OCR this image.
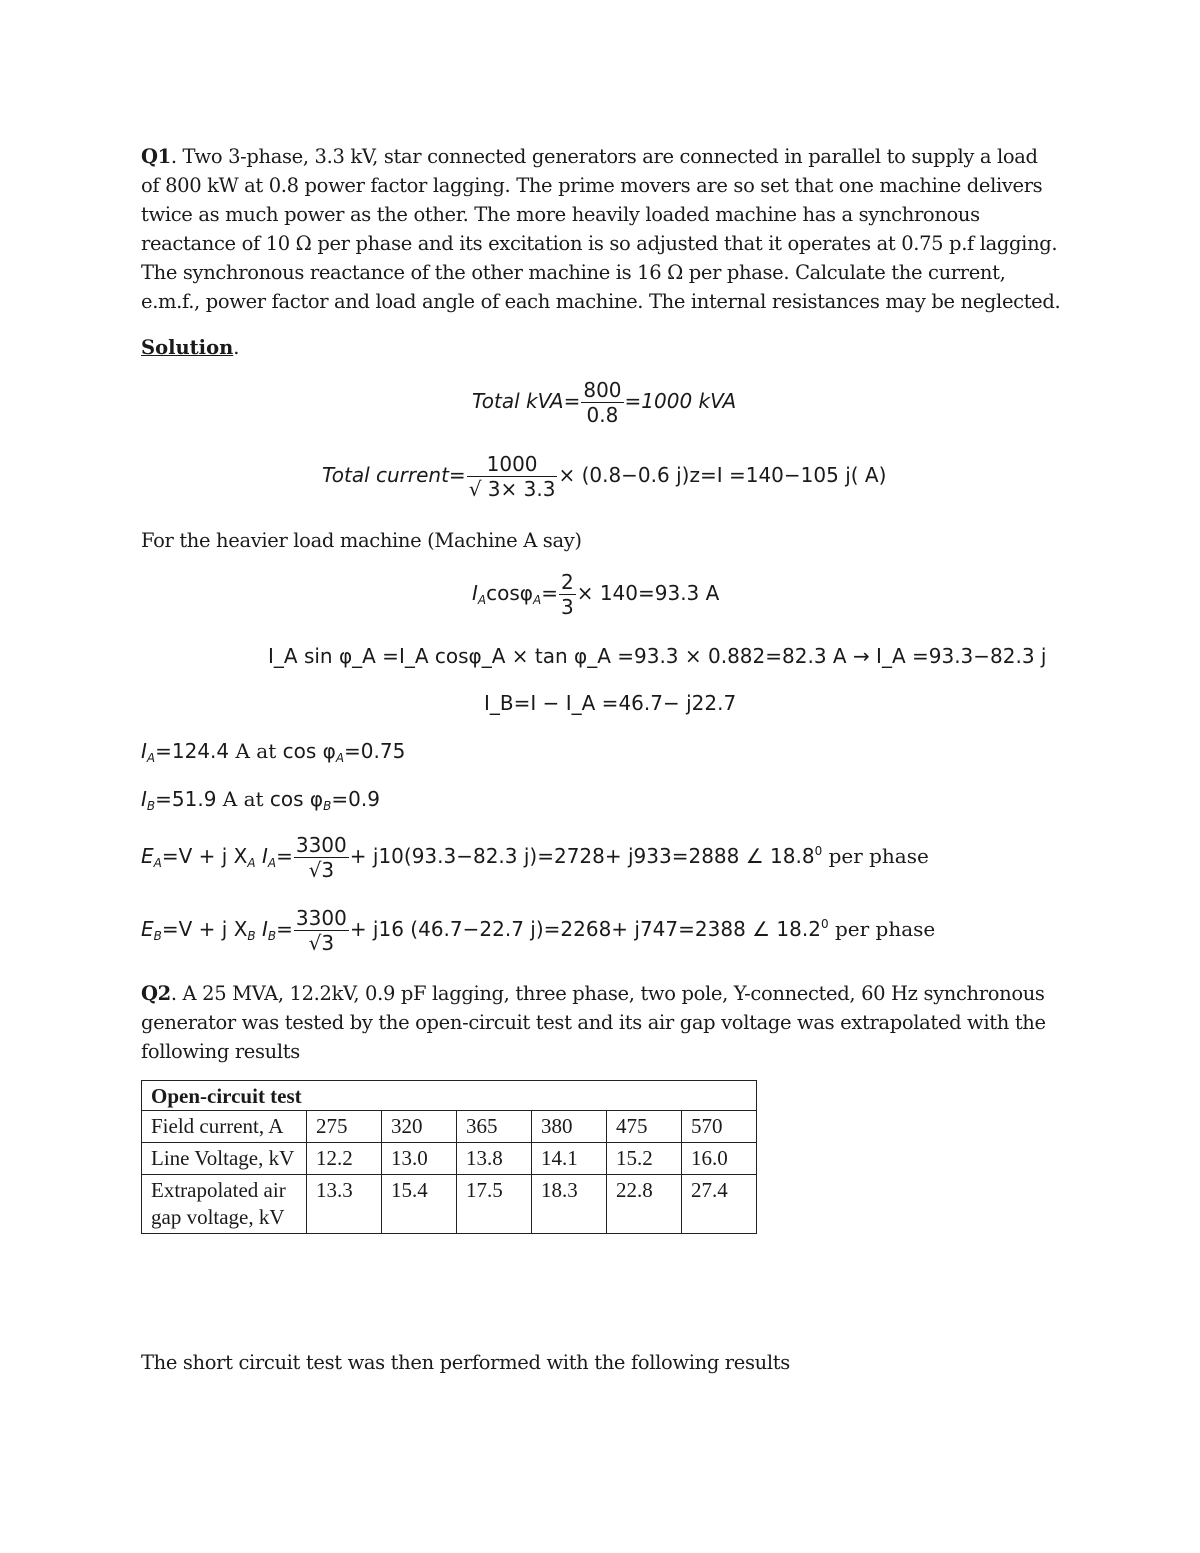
Q1. Two 3-phase, 3.3 kV, star connected generators are connected in parallel to supply a load of 800 kW at 0.8 power factor lagging. The prime movers are so set that one machine delivers twice as much power as the other. The more heavily loaded machine has a synchronous reactance of 10 Ω per phase and its excitation is so adjusted that it operates at 0.75 p.f lagging. The synchronous reactance of the other machine is 16 Ω per phase. Calculate the current, e.m.f., power factor and load angle of each machine. The internal resistances may be neglected.
Solution.
Total $kVA= \frac{800}{0.8} =1000$ kVA
Total current= $\frac{1000}{√ 3\times 3.3} \times (0.8-0.6$ j)z=I =140−105 j( A)
For the heavier load machine (Machine A say)
$I_A\cos\varphi_A= \frac{2}{3} \times 140=93.3$ A
I_A sin φ_A =I_A cosφ_A × tan φ_A =93.3 × 0.882=82.3 A → I_A =93.3−82.3 j
I_B=I − I_A =46.7− j22.7
$I_A=124.4$ A at $\cos \varphi_A=0.75$
$I_B=51.9$ A at $\cos \varphi_B=0.9$
$E_A=V + j$ $X_A$ $I_A= \frac{3300}{√3} + j10(93.3-82.3$ j)=2728+ j933=2888 ∠ 18.8$^0$ per phase
$E_B=V + j$ $X_B$ $I_B= \frac{3300}{√3} + j16$ (46.7−22.7 j)=2268+ j747=2388 ∠ 18.2$^0$ per phase
Q2. A 25 MVA, 12.2kV, 0.9 pF lagging, three phase, two pole, Y-connected, 60 Hz synchronous generator was tested by the open-circuit test and its air gap voltage was extrapolated with the following results
Open-circuit test						
Field current, A	275	320	365	380	475	570
Line Voltage, kV	12.2	13.0	13.8	14.1	15.2	16.0
Extrapolated air gap voltage, kV	13.3	15.4	17.5	18.3	22.8	27.4
The short circuit test was then performed with the following results
